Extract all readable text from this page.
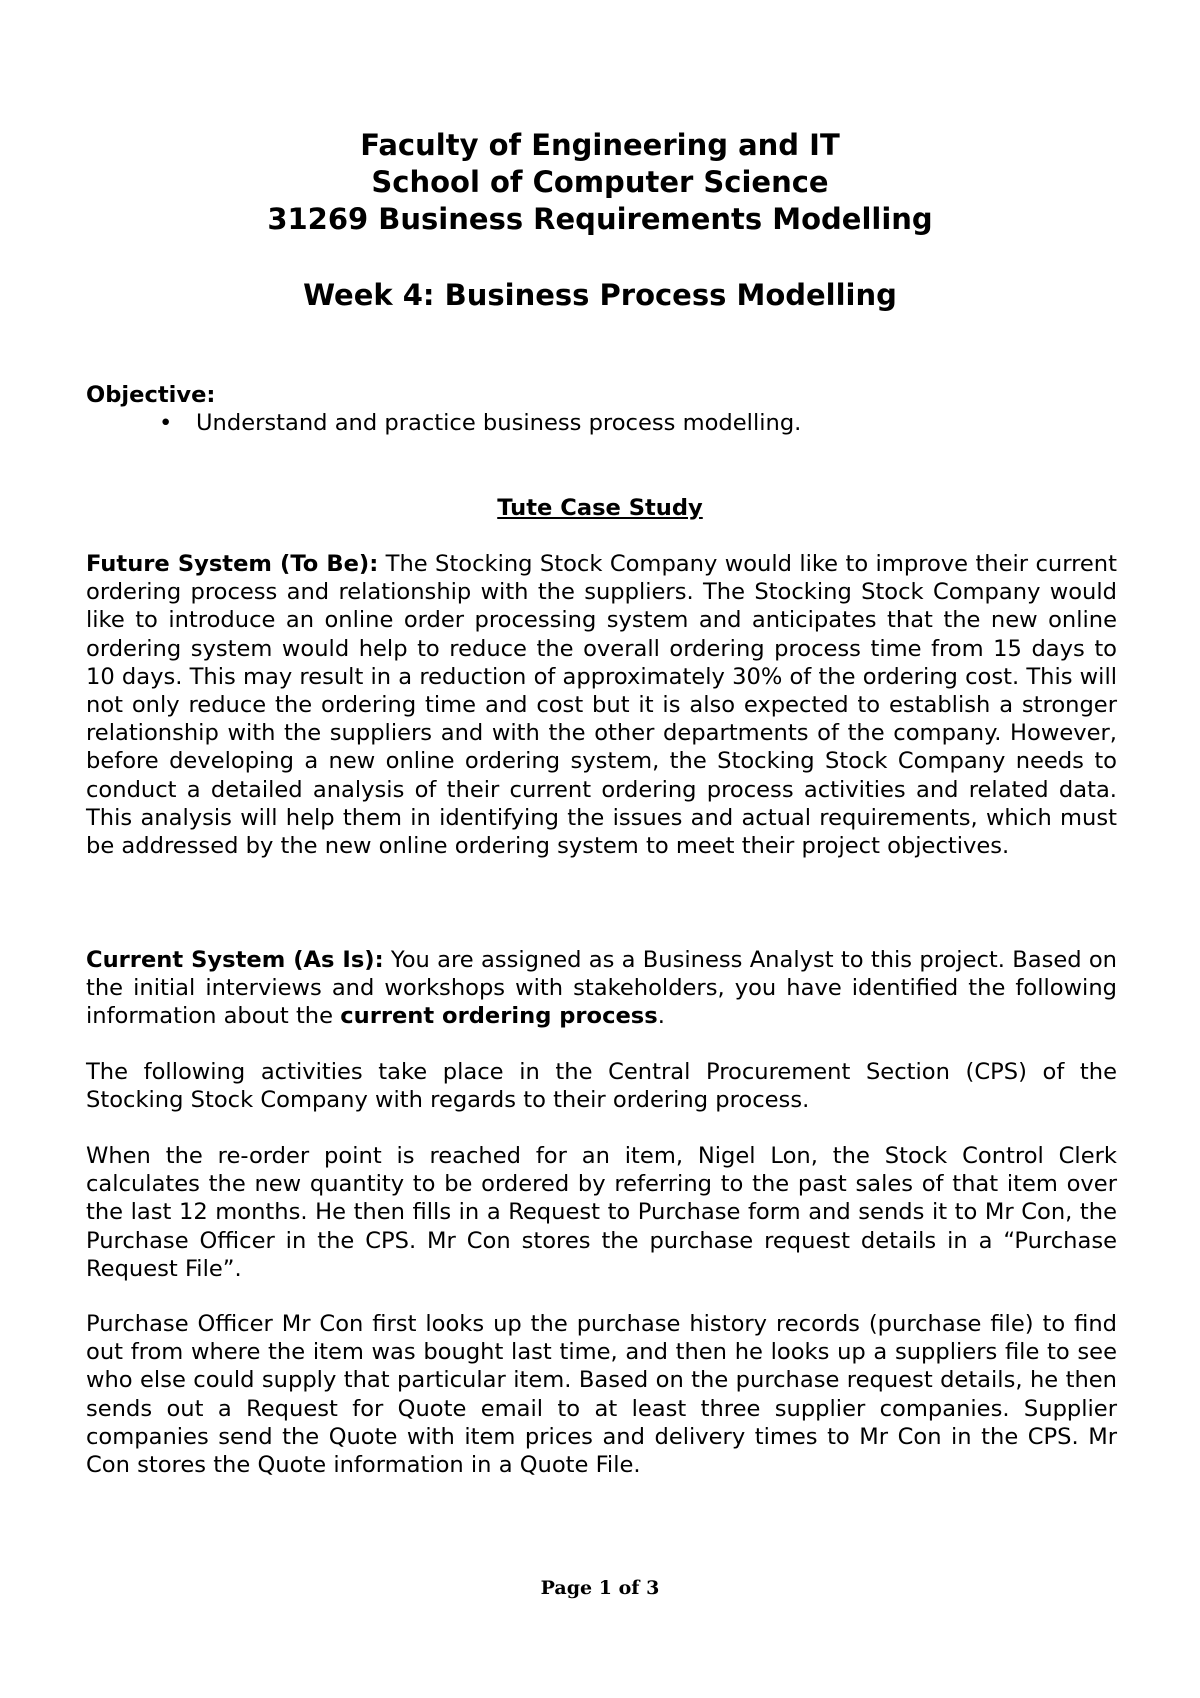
Faculty of Engineering and IT

School of Computer Science

31269 Business Requirements Modelling

Week 4: Business Process Modelling

Objective:

• Understand and practice business process modelling.

Tute Case Study

Future System (To Be): The Stocking Stock Company would like to improve their current ordering process and relationship with the suppliers. The Stocking Stock Company would like to introduce an online order processing system and anticipates that the new online ordering system would help to reduce the overall ordering process time from 15 days to 10 days. This may result in a reduction of approximately 30% of the ordering cost. This will not only reduce the ordering time and cost but it is also expected to establish a stronger relationship with the suppliers and with the other departments of the company. However, before developing a new online ordering system, the Stocking Stock Company needs to conduct a detailed analysis of their current ordering process activities and related data. This analysis will help them in identifying the issues and actual requirements, which must be addressed by the new online ordering system to meet their project objectives.

Current System (As Is): You are assigned as a Business Analyst to this project. Based on the initial interviews and workshops with stakeholders, you have identified the following information about the current ordering process.

The following activities take place in the Central Procurement Section (CPS) of the Stocking Stock Company with regards to their ordering process.

When the re-order point is reached for an item, Nigel Lon, the Stock Control Clerk calculates the new quantity to be ordered by referring to the past sales of that item over the last 12 months. He then fills in a Request to Purchase form and sends it to Mr Con, the Purchase Officer in the CPS. Mr Con stores the purchase request details in a “Purchase Request File”.

Purchase Officer Mr Con first looks up the purchase history records (purchase file) to find out from where the item was bought last time, and then he looks up a suppliers file to see who else could supply that particular item. Based on the purchase request details, he then sends out a Request for Quote email to at least three supplier companies. Supplier companies send the Quote with item prices and delivery times to Mr Con in the CPS. Mr Con stores the Quote information in a Quote File.

Page 1 of 3
